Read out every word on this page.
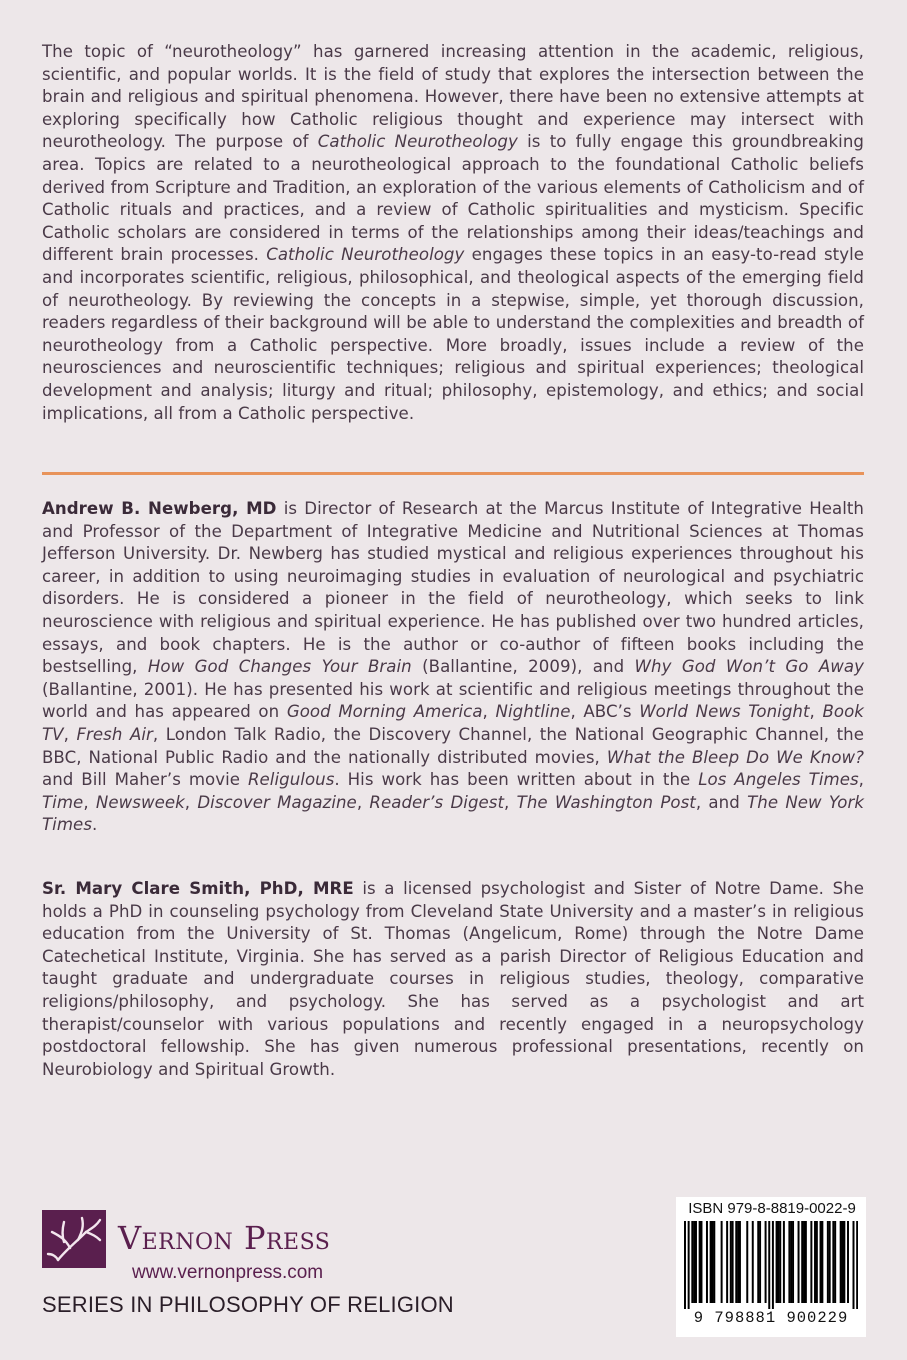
The topic of “neurotheology” has garnered increasing attention in the academic, religious, scientific, and popular worlds. It is the field of study that explores the intersection between the brain and religious and spiritual phenomena. However, there have been no extensive attempts at exploring specifically how Catholic religious thought and experience may intersect with neurotheology. The purpose of Catholic Neurotheology is to fully engage this groundbreaking area. Topics are related to a neurotheological approach to the foundational Catholic beliefs derived from Scripture and Tradition, an exploration of the various elements of Catholicism and of Catholic rituals and practices, and a review of Catholic spiritualities and mysticism. Specific Catholic scholars are considered in terms of the relationships among their ideas/teachings and different brain processes. Catholic Neurotheology engages these topics in an easy-to-read style and incorporates scientific, religious, philosophical, and theological aspects of the emerging field of neurotheology. By reviewing the concepts in a stepwise, simple, yet thorough discussion, readers regardless of their background will be able to understand the complexities and breadth of neurotheology from a Catholic perspective. More broadly, issues include a review of the neurosciences and neuroscientific techniques; religious and spiritual experiences; theological development and analysis; liturgy and ritual; philosophy, epistemology, and ethics; and social implications, all from a Catholic perspective.
Andrew B. Newberg, MD is Director of Research at the Marcus Institute of Integrative Health and Professor of the Department of Integrative Medicine and Nutritional Sciences at Thomas Jefferson University. Dr. Newberg has studied mystical and religious experiences throughout his career, in addition to using neuroimaging studies in evaluation of neurological and psychiatric disorders. He is considered a pioneer in the field of neurotheology, which seeks to link neuroscience with religious and spiritual experience. He has published over two hundred articles, essays, and book chapters. He is the author or co-author of fifteen books including the bestselling, How God Changes Your Brain (Ballantine, 2009), and Why God Won’t Go Away (Ballantine, 2001). He has presented his work at scientific and religious meetings throughout the world and has appeared on Good Morning America, Nightline, ABC’s World News Tonight, Book TV, Fresh Air, London Talk Radio, the Discovery Channel, the National Geographic Channel, the BBC, National Public Radio and the nationally distributed movies, What the Bleep Do We Know? and Bill Maher’s movie Religulous. His work has been written about in the Los Angeles Times, Time, Newsweek, Discover Magazine, Reader’s Digest, The Washington Post, and The New York Times.
Sr. Mary Clare Smith, PhD, MRE is a licensed psychologist and Sister of Notre Dame. She holds a PhD in counseling psychology from Cleveland State University and a master’s in religious education from the University of St. Thomas (Angelicum, Rome) through the Notre Dame Catechetical Institute, Virginia. She has served as a parish Director of Religious Education and taught graduate and undergraduate courses in religious studies, theology, comparative religions/philosophy, and psychology. She has served as a psychologist and art therapist/counselor with various populations and recently engaged in a neuropsychology postdoctoral fellowship. She has given numerous professional presentations, recently on Neurobiology and Spiritual Growth.
Vernon Press
www.vernonpress.com
SERIES IN PHILOSOPHY OF RELIGION
ISBN 979-8-8819-0022-9
9 798881 900229
